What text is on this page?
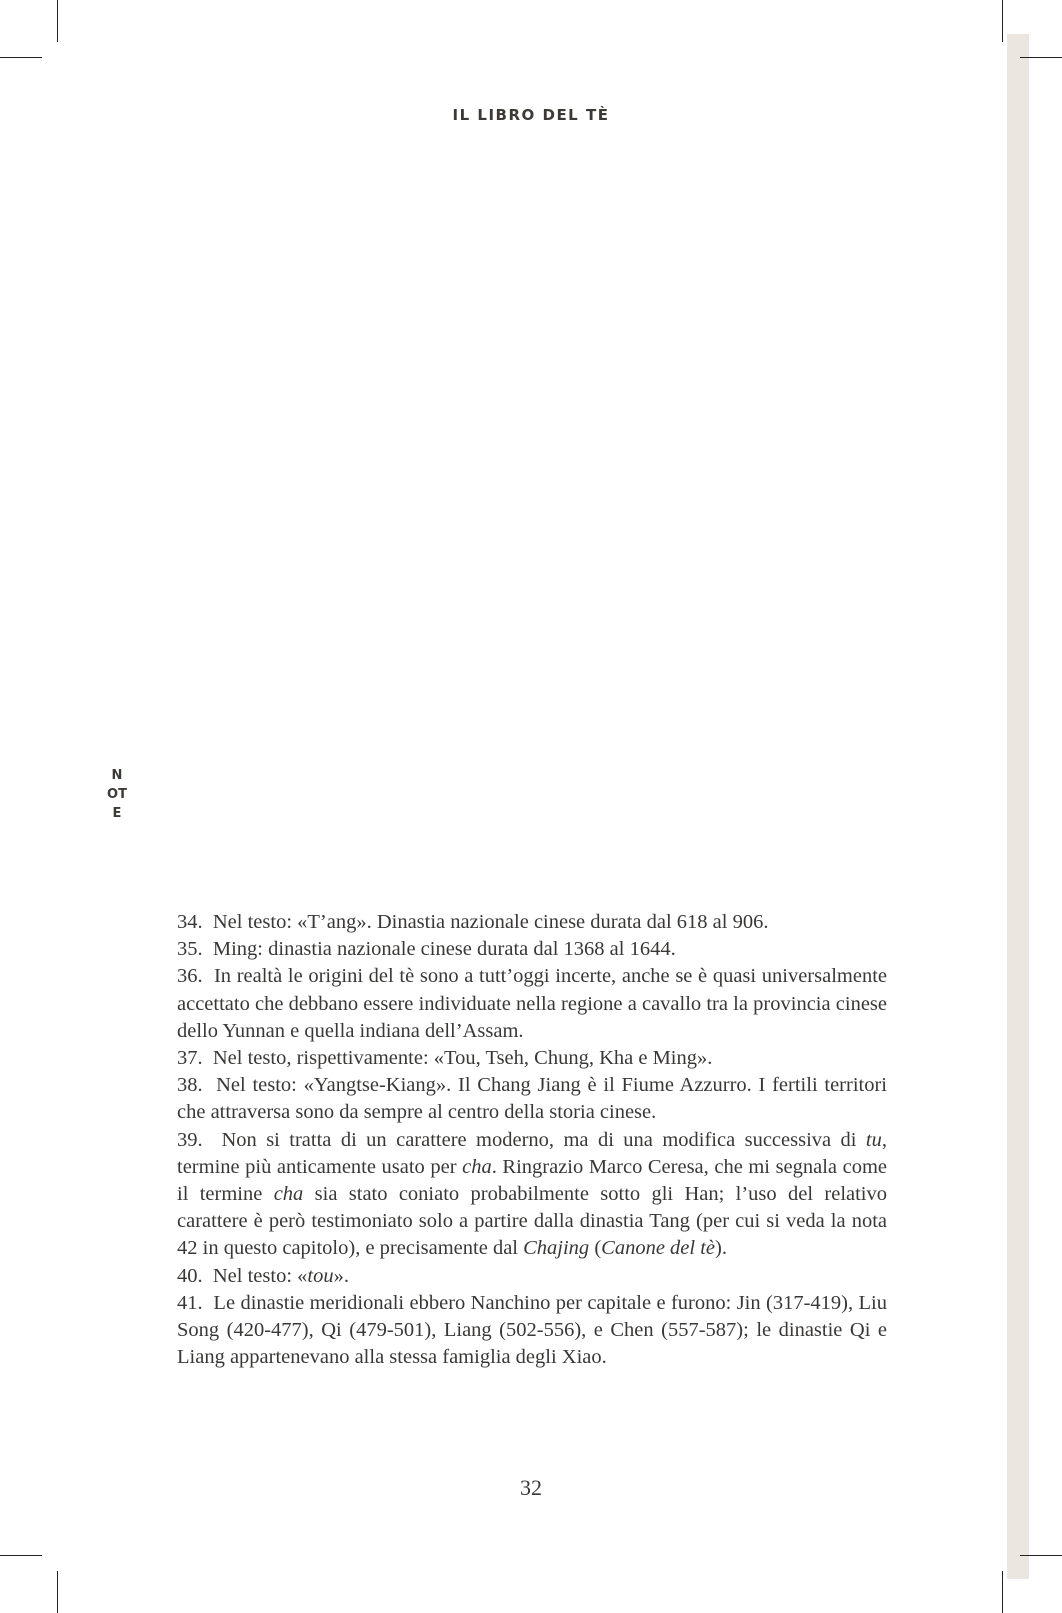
IL LIBRO DEL TÈ
NOTE

34.  Nel testo: «T’ang». Dinastia nazionale cinese durata dal 618 al 906.

35.  Ming: dinastia nazionale cinese durata dal 1368 al 1644.

36.  In realtà le origini del tè sono a tutt’oggi incerte, anche se è quasi universalmente accettato che debbano essere individuate nella regione a cavallo tra la provincia cinese dello Yunnan e quella indiana dell’Assam.

37.  Nel testo, rispettivamente: «Tou, Tseh, Chung, Kha e Ming».

38.  Nel testo: «Yangtse-Kiang». Il Chang Jiang è il Fiume Azzurro. I fertili territori che attraversa sono da sempre al centro della storia cinese.

39.  Non si tratta di un carattere moderno, ma di una modifica successiva di tu, termine più anticamente usato per cha. Ringrazio Marco Ceresa, che mi segnala come il termine cha sia stato coniato probabilmente sotto gli Han; l’uso del relativo carattere è però testimoniato solo a partire dalla dinastia Tang (per cui si veda la nota 42 in questo capitolo), e precisamente dal Chajing (Canone del tè).

40.  Nel testo: «tou».

41.  Le dinastie meridionali ebbero Nanchino per capitale e furono: Jin (317-419), Liu Song (420-477), Qi (479-501), Liang (502-556), e Chen (557-587); le dinastie Qi e Liang appartenevano alla stessa famiglia degli Xiao.

32
